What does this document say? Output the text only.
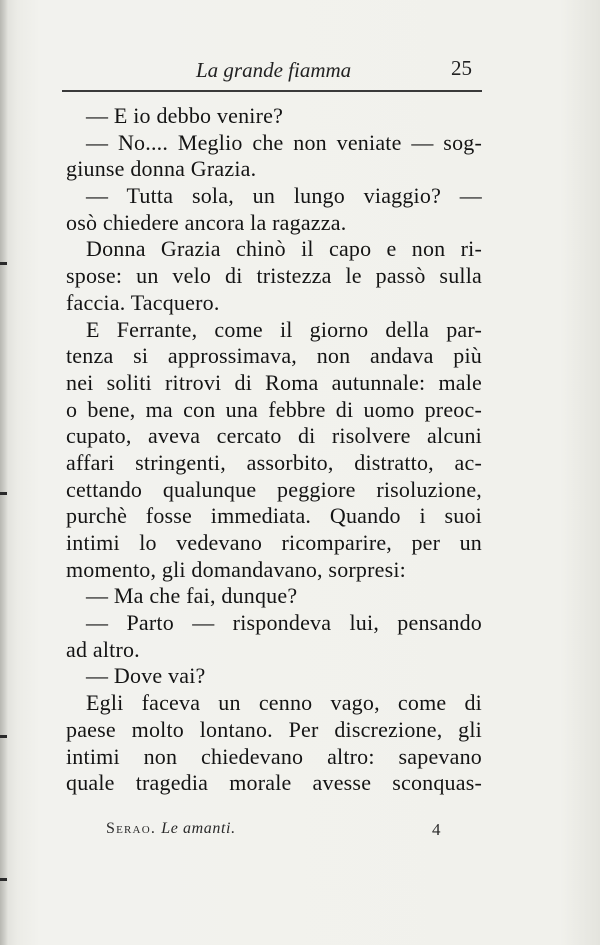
La grande fiamma	25
— E io debbo venire?
— No.... Meglio che non veniate — sog-
giunse donna Grazia.
— Tutta sola, un lungo viaggio? —
osò chiedere ancora la ragazza.
Donna Grazia chinò il capo e non ri-
spose: un velo di tristezza le passò sulla
faccia. Tacquero.
E Ferrante, come il giorno della par-
tenza si approssimava, non andava più
nei soliti ritrovi di Roma autunnale: male
o bene, ma con una febbre di uomo preoc-
cupato, aveva cercato di risolvere alcuni
affari stringenti, assorbito, distratto, ac-
cettando qualunque peggiore risoluzione,
purchè fosse immediata. Quando i suoi
intimi lo vedevano ricomparire, per un
momento, gli domandavano, sorpresi:
— Ma che fai, dunque?
— Parto — rispondeva lui, pensando
ad altro.
— Dove vai?
Egli faceva un cenno vago, come di
paese molto lontano. Per discrezione, gli
intimi non chiedevano altro: sapevano
quale tragedia morale avesse sconquas-
Serao. Le amanti.	4
